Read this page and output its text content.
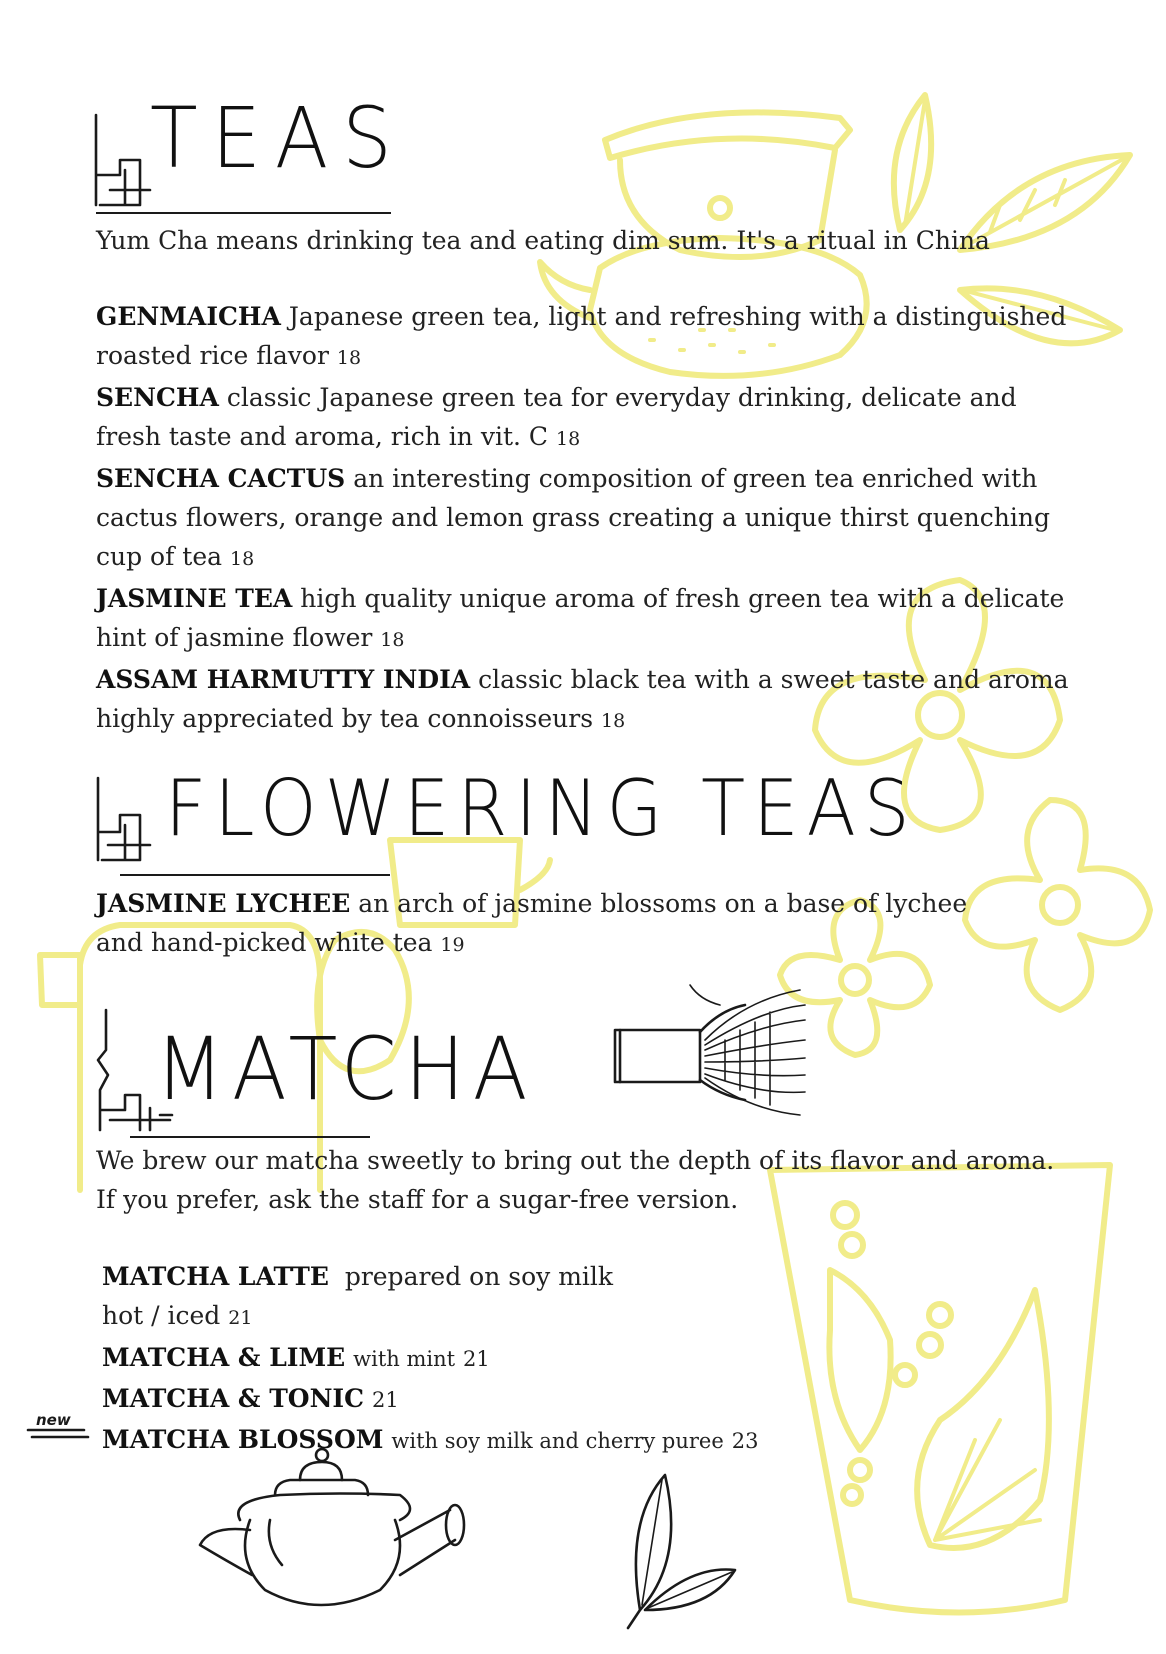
TEAS

Yum Cha means drinking tea and eating dim sum. It's a ritual in China

GENMAICHA Japanese green tea, light and refreshing with a distinguished roasted rice flavor 18

SENCHA classic Japanese green tea for everyday drinking, delicate and fresh taste and aroma, rich in vit. C 18

SENCHA CACTUS an interesting composition of green tea enriched with cactus flowers, orange and lemon grass creating a unique thirst quenching cup of tea 18

JASMINE TEA high quality unique aroma of fresh green tea with a delicate hint of jasmine flower 18

ASSAM HARMUTTY INDIA classic black tea with a sweet taste and aroma highly appreciated by tea connoisseurs 18

FLOWERING TEAS

JASMINE LYCHEE an arch of jasmine blossoms on a base of lychee and hand-picked white tea 19

MATCHA

We brew our matcha sweetly to bring out the depth of its flavor and aroma.

If you prefer, ask the staff for a sugar-free version.

new

MATCHA LATTE prepared on soy milk

hot / iced 21

MATCHA & LIME with mint 21

MATCHA & TONIC 21

MATCHA BLOSSOM with soy milk and cherry puree 23
